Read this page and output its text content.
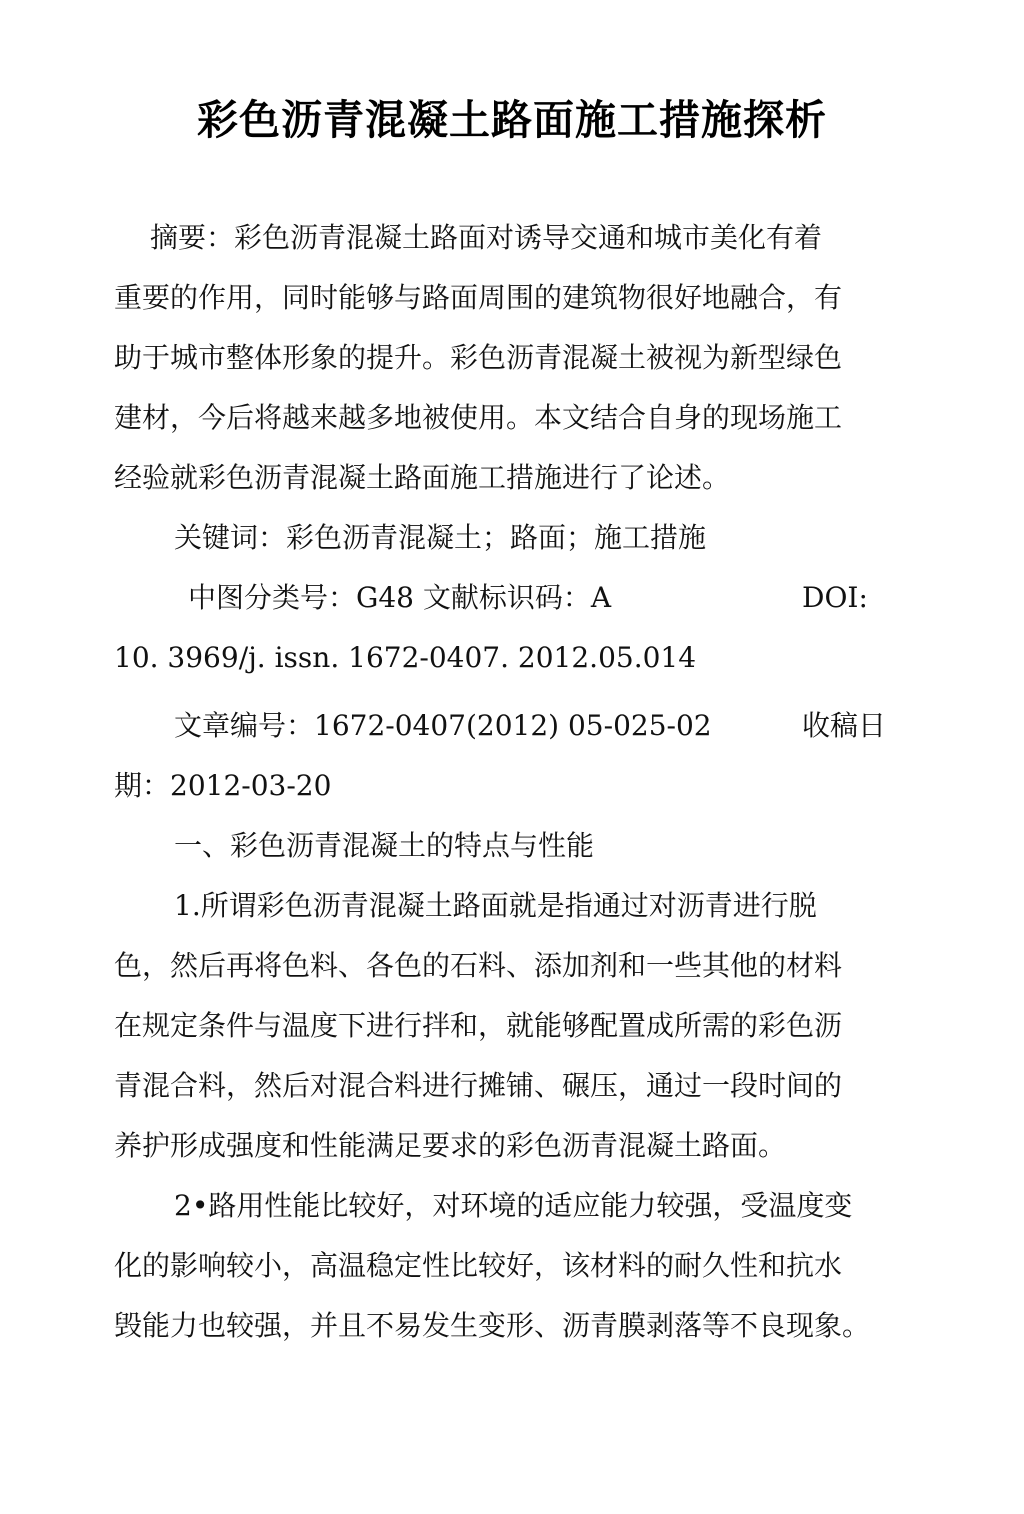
彩色沥青混凝土路面施工措施探析
摘要：彩色沥青混凝土路面对诱导交通和城市美化有着
重要的作用，同时能够与路面周围的建筑物很好地融合，有
助于城市整体形象的提升。彩色沥青混凝土被视为新型绿色
建材，今后将越来越多地被使用。本文结合自身的现场施工
经验就彩色沥青混凝土路面施工措施进行了论述。
关键词：彩色沥青混凝土；路面；施工措施
中图分类号：G48 文献标识码：A	DOI:
10. 3969/j. issn. 1672-0407. 2012.05.014
文章编号：1672-0407(2012) 05-025-02	收稿日
期：2012-03-20
一、彩色沥青混凝土的特点与性能
1.所谓彩色沥青混凝土路面就是指通过对沥青进行脱
色，然后再将色料、各色的石料、添加剂和一些其他的材料
在规定条件与温度下进行拌和，就能够配置成所需的彩色沥
青混合料，然后对混合料进行摊铺、碾压，通过一段时间的
养护形成强度和性能满足要求的彩色沥青混凝土路面。
2•路用性能比较好，对环境的适应能力较强，受温度变
化的影响较小，高温稳定性比较好，该材料的耐久性和抗水
毁能力也较强，并且不易发生变形、沥青膜剥落等不良现象。
